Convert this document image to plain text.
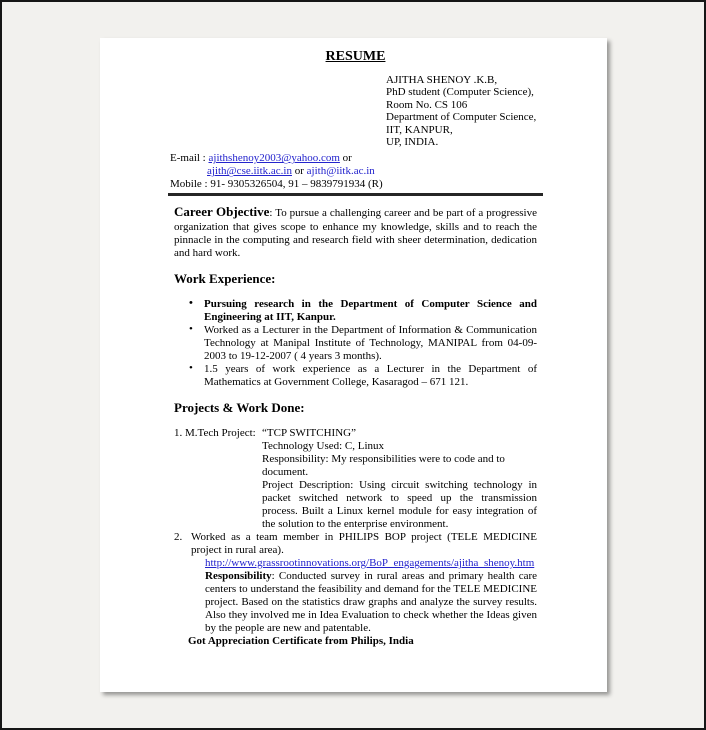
RESUME
AJITHA SHENOY .K.B,
PhD student (Computer Science),
Room No. CS 106
Department of Computer Science,
IIT, KANPUR,
UP, INDIA.
E-mail : ajithshenoy2003@yahoo.com or
ajith@cse.iitk.ac.in or ajith@iitk.ac.in
Mobile : 91- 9305326504, 91 – 9839791934 (R)
Career Objective: To pursue a challenging career and be part of a progressive organization that gives scope to enhance my knowledge, skills and to reach the pinnacle in the computing and research field with sheer determination, dedication and hard work.
Work Experience:
• Pursuing research in the Department of Computer Science and Engineering at IIT, Kanpur.
• Worked as a Lecturer in the Department of Information & Communication Technology at Manipal Institute of Technology, MANIPAL from 04-09-2003 to 19-12-2007 ( 4 years 3 months).
• 1.5 years of work experience as a Lecturer in the Department of Mathematics at Government College, Kasaragod – 671 121.
Projects & Work Done:
1. M.Tech Project: “TCP SWITCHING”
Technology Used: C, Linux
Responsibility: My responsibilities were to code and to document.
Project Description: Using circuit switching technology in packet switched network to speed up the transmission process. Built a Linux kernel module for easy integration of the solution to the enterprise environment.
2. Worked as a team member in PHILIPS BOP project (TELE MEDICINE project in rural area).
http://www.grassrootinnovations.org/BoP_engagements/ajitha_shenoy.htm
Responsibility: Conducted survey in rural areas and primary health care centers to understand the feasibility and demand for the TELE MEDICINE project. Based on the statistics draw graphs and analyze the survey results. Also they involved me in Idea Evaluation to check whether the Ideas given by the people are new and patentable.
Got Appreciation Certificate from Philips, India
